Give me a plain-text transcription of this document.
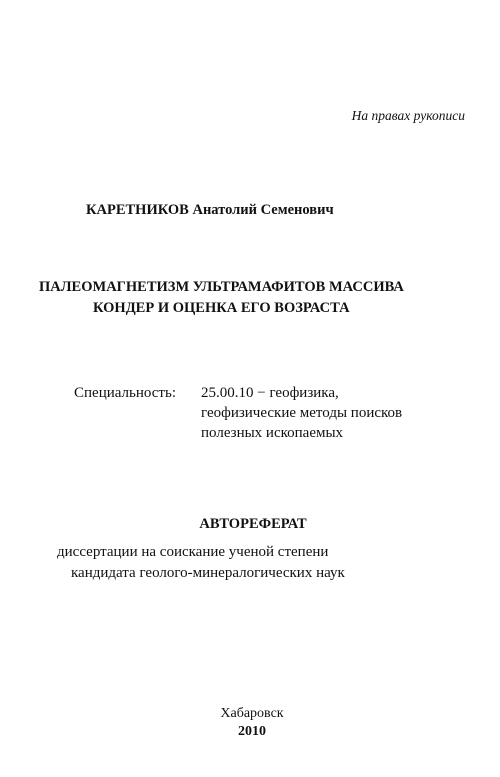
На правах рукописи
КАРЕТНИКОВ Анатолий Семенович
ПАЛЕОМАГНЕТИЗМ УЛЬТРАМАФИТОВ МАССИВА
КОНДЕР И ОЦЕНКА ЕГО ВОЗРАСТА
Специальность: 25.00.10 − геофизика,
геофизические методы поисков
полезных ископаемых
АВТОРЕФЕРАТ
диссертации на соискание ученой степени
кандидата геолого-минералогических наук
Хабаровск
2010
